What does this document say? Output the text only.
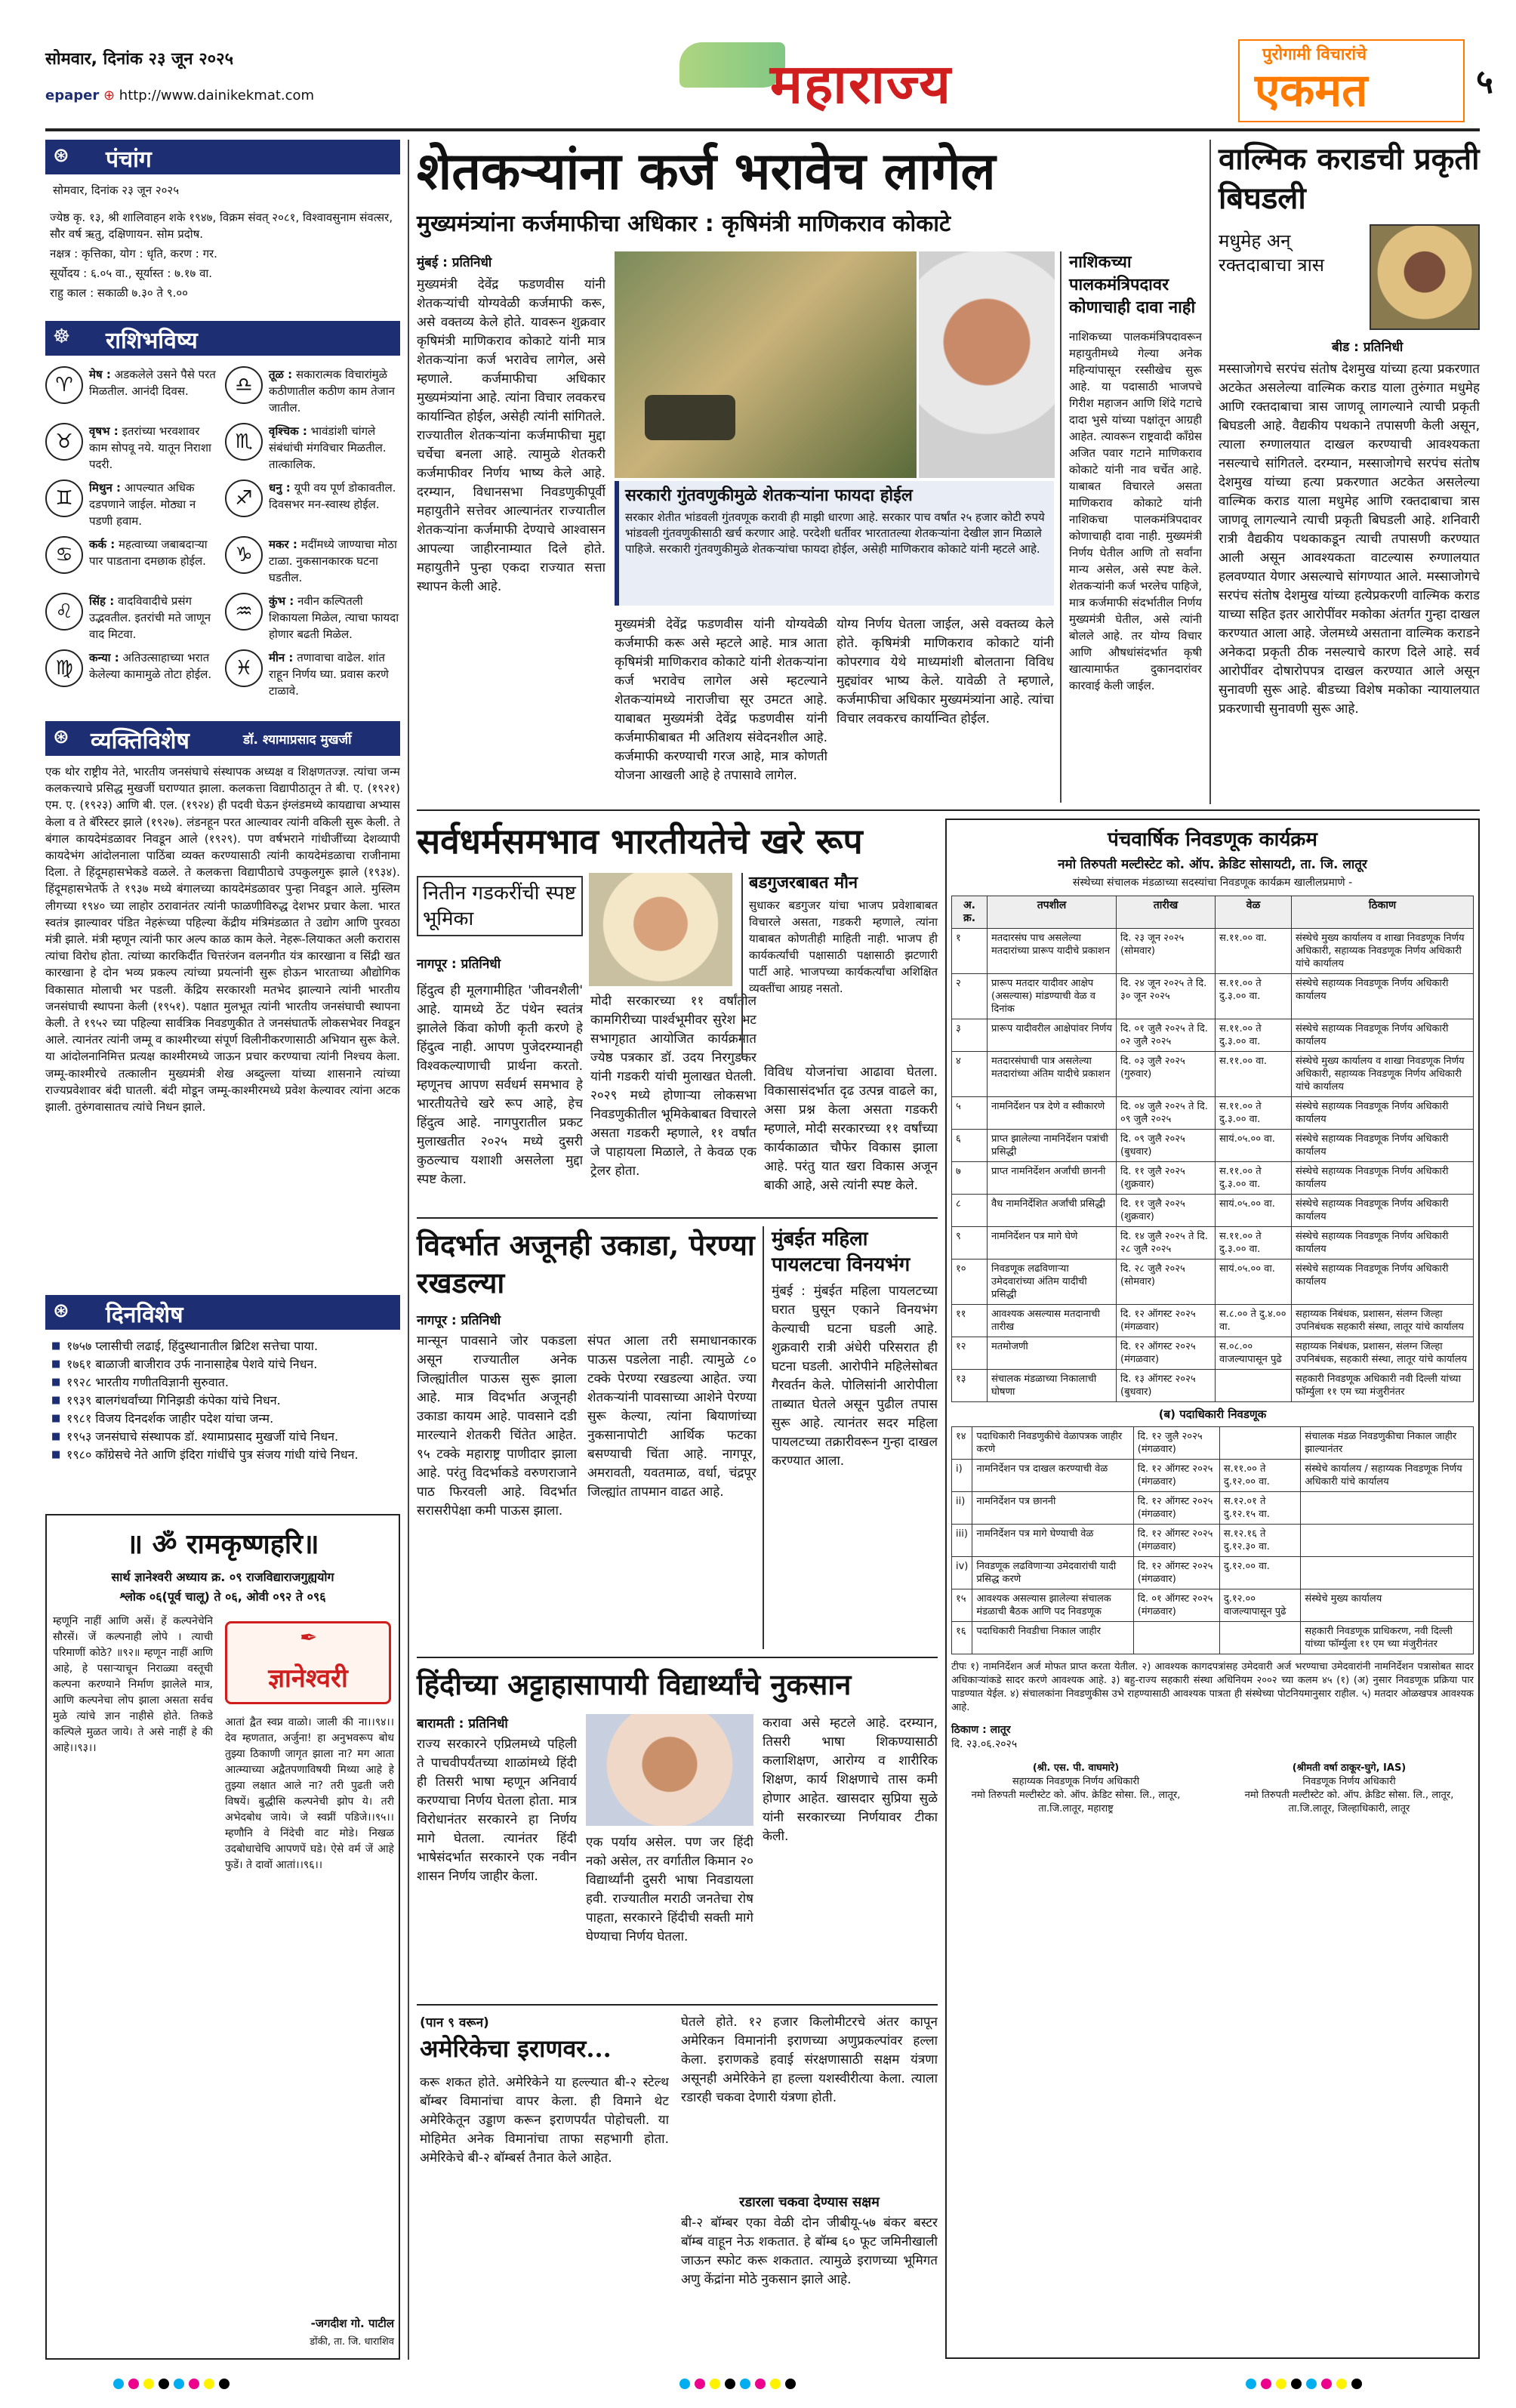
सोमवार, दिनांक २३ जून २०२५
epaper ⊕ http://www.dainikekmat.com	महाराज्य	पुरोगामी विचारांचे
एकमत	५
⊛ पंचांग
सोमवार, दिनांक २३ जून २०२५
ज्येष्ठ कृ. १३, श्री शालिवाहन शके १९४७, विक्रम संवत् २०८१, विश्वावसुनाम संवत्सर, सौर वर्ष ऋतु, दक्षिणायन. सोम प्रदोष.
नक्षत्र : कृत्तिका, योग : धृति, करण : गर.
सूर्योदय : ६.०५ वा., सूर्यास्त : ७.१७ वा.
राहु काल : सकाळी ७.३० ते ९.००
☸ राशिभविष्य
♈	मेष : अडकलेले उसने पैसे परत मिळतील. आनंदी दिवस.
♉	वृषभ : इतरांच्या भरवशावर काम सोपवू नये. यातून निराशा पदरी.
♊	मिथुन : आपल्यात अधिक दडपणाने जाईल. मोठ्या न पडणी हवाम.
♋	कर्क : महत्वाच्या जबाबदाऱ्या पार पाडताना दमछाक होईल.
♌	सिंह : वादविवादीचे प्रसंग उद्भवतील. इतरांची मते जाणून वाद मिटवा.
♍	कन्या : अतिउत्साहाच्या भरात केलेल्या कामामुळे तोटा होईल.
♎	तूळ : सकारात्मक विचारांमुळे कठीणातील कठीण काम तेजान जातील.
♏	वृश्चिक : भावंडांशी चांगले संबंधांची मंगविचार मिळतील. तात्कालिक.
♐	धनु : यूपी वय पूर्ण डोकावतील. दिवसभर मन-स्वास्थ होईल.
♑	मकर : मदींमध्ये जाण्याचा मोठा टाळा. नुकसानकारक घटना घडतील.
♒	कुंभ : नवीन कल्पितली शिकायला मिळेल, त्याचा फायदा होणार बढती मिळेल.
♓	मीन : तणावाचा वाढेल. शांत राहून निर्णय घ्या. प्रवास करणे टाळावे.
⊛ व्यक्तिविशेष	डॉ. श्यामाप्रसाद मुखर्जी
एक थोर राष्ट्रीय नेते, भारतीय जनसंघाचे संस्थापक अध्यक्ष व शिक्षणतज्ज्ञ. त्यांचा जन्म कलकत्त्याचे प्रसिद्ध मुखर्जी घराण्यात झाला. कलकत्ता विद्यापीठातून ते बी. ए. (१९२१) एम. ए. (१९२३) आणि बी. एल. (१९२४) ही पदवी घेऊन इंग्लंडमध्ये कायद्याचा अभ्यास केला व ते बॅरिस्टर झाले (१९२७). लंडनहून परत आल्यावर त्यांनी वकिली सुरू केली. ते बंगाल कायदेमंडळावर निवडून आले (१९२९). पण वर्षभराने गांधीजींच्या देशव्यापी कायदेभंग आंदोलनाला पाठिंबा व्यक्त करण्यासाठी त्यांनी कायदेमंडळाचा राजीनामा दिला. ते हिंदूमहासभेकडे वळले. ते कलकत्ता विद्यापीठाचे उपकुलगुरू झाले (१९३४). हिंदूमहासभेतर्फे ते १९३७ मध्ये बंगालच्या कायदेमंडळावर पुन्हा निवडून आले. मुस्लिम लीगच्या १९४० च्या लाहोर ठरावानंतर त्यांनी फाळणीविरुद्ध देशभर प्रचार केला. भारत स्वतंत्र झाल्यावर पंडित नेहरूंच्या पहिल्या केंद्रीय मंत्रिमंडळात ते उद्योग आणि पुरवठा मंत्री झाले. मंत्री म्हणून त्यांनी फार अल्प काळ काम केले. नेहरू-लियाकत अली करारास त्यांचा विरोध होता. त्यांच्या कारकिर्दीत चित्तरंजन वलनगीत यंत्र कारखाना व सिंद्री खत कारखाना हे दोन भव्य प्रकल्प त्यांच्या प्रयत्नांनी सुरू होऊन भारताच्या औद्योगिक विकासात मोलाची भर पडली. केंद्रिय सरकारशी मतभेद झाल्याने त्यांनी भारतीय जनसंघाची स्थापना केली (१९५१). पक्षात मुलभूत त्यांनी भारतीय जनसंघाची स्थापना केली. ते १९५२ च्या पहिल्या सार्वत्रिक निवडणुकीत ते जनसंघातर्फे लोकसभेवर निवडून आले. त्यानंतर त्यांनी जम्मू व काश्मीरच्या संपूर्ण विलीनीकरणासाठी अभियान सुरू केले. या आंदोलनानिमित्त प्रत्यक्ष काश्मीरमध्ये जाऊन प्रचार करण्याचा त्यांनी निश्चय केला. जम्मू-काश्मीरचे तत्कालीन मुख्यमंत्री शेख अब्दुल्ला यांच्या शासनाने त्यांच्या राज्यप्रवेशावर बंदी घातली. बंदी मोडून जम्मू-काश्मीरमध्ये प्रवेश केल्यावर त्यांना अटक झाली. तुरुंगवासातच त्यांचे निधन झाले.
⊛ दिनविशेष
■ १७५७ प्लासीची लढाई, हिंदुस्थानातील ब्रिटिश सत्तेचा पाया.
■ १७६१ बाळाजी बाजीराव उर्फ नानासाहेब पेशवे यांचे निधन.
■ १९२८ भारतीय गणीतविज्ञानी सुरुवात.
■ १९३९ बालगंधर्वांच्या गिनिझडी कंपेका यांचे निधन.
■ १९८१ विजय दिनदर्शक जाहीर पदेश यांचा जन्म.
■ १९५३ जनसंघाचे संस्थापक डॉ. श्यामाप्रसाद मुखर्जी यांचे निधन.
■ १९८० काँग्रेसचे नेते आणि इंदिरा गांधींचे पुत्र संजय गांधी यांचे निधन.
॥ ॐ रामकृष्णहरि॥
सार्थ ज्ञानेश्वरी अध्याय क्र. ०९ राजविद्याराजगुह्ययोग
श्लोक ०६(पूर्व चालू) ते ०६, ओवी ०९२ ते ०९६
म्हणूनि नाहीं आणि असें। हें कल्पनेचेनि सौरसें। जें कल्पनाही लोपे । त्याची परिमाणीं कोठे? ॥९२॥ म्हणून नाहीं आणि आहे, हे पसाऱ्याचून निराळ्या वस्तूची कल्पना करण्याने निर्माण झालेले मात्र, आणि कल्पनेचा लोप झाला असता सर्वच मुळे त्यांचे ज्ञान नाहीसे होते. तिकडे कल्पिले मुळत जाये। ते असे नाहीं हे की आहे।।९३।।
✒
ज्ञानेश्वरी
आतां द्वैत स्वप्न वाळो। जाली की ना।।९४।। देव म्हणतात, अर्जुना! हा अनुभवरूप बोध तुझ्या ठिकाणी जागृत झाला ना? मग आता आत्म्याच्या अद्वैतपणाविषयी मिथ्या आहे हे तुझ्या लक्षात आले ना? तरी पुढती जरी विषयें। बुद्धीसि कल्पनेची झोप ये। तरी अभेदबोध जाये। जे स्वप्नीं पडिजे।।९५।। म्हणौनि वे निंदेची वाट मोडे। निखळ उदबोधाचेचि आपणपें घडे। ऐसे वर्म जें आहे फुडें। ते दावों आतां।।९६।।
-जगदीश गो. पाटील
डोंकी, ता. जि. धाराशिव
शेतकऱ्यांना कर्ज भरावेच लागेल
मुख्यमंत्र्यांना कर्जमाफीचा अधिकार : कृषिमंत्री माणिकराव कोकाटे
मुंबई : प्रतिनिधी
मुख्यमंत्री देवेंद्र फडणवीस यांनी शेतकऱ्यांची योग्यवेळी कर्जमाफी करू, असे वक्तव्य केले होते. यावरून शुक्रवार कृषिमंत्री माणिकराव कोकाटे यांनी मात्र शेतकऱ्यांना कर्ज भरावेच लागेल, असे म्हणाले. कर्जमाफीचा अधिकार मुख्यमंत्र्यांना आहे. त्यांना विचार लवकरच कार्यान्वित होईल, असेही त्यांनी सांगितले. राज्यातील शेतकऱ्यांना कर्जमाफीचा मुद्दा चर्चेचा बनला आहे. त्यामुळे शेतकरी कर्जमाफीवर निर्णय भाष्य केले आहे. दरम्यान, विधानसभा निवडणुकीपूर्वी महायुतीने सत्तेवर आल्यानंतर राज्यातील शेतकऱ्यांना कर्जमाफी देण्याचे आश्वासन आपल्या जाहीरनाम्यात दिले होते. महायुतीने पुन्हा एकदा राज्यात सत्ता स्थापन केली आहे.
सरकारी गुंतवणुकीमुळे शेतकऱ्यांना फायदा होईल
सरकार शेतीत भांडवली गुंतवणूक करावी ही माझी धारणा आहे. सरकार पाच वर्षांत २५ हजार कोटी रुपये भांडवली गुंतवणुकीसाठी खर्च करणार आहे. परदेशी धर्तीवर भारतातल्या शेतकऱ्यांना देखील ज्ञान मिळाले पाहिजे. सरकारी गुंतवणुकीमुळे शेतकऱ्यांचा फायदा होईल, असेही माणिकराव कोकाटे यांनी म्हटले आहे.
मुख्यमंत्री देवेंद्र फडणवीस यांनी योग्यवेळी कर्जमाफी करू असे म्हटले आहे. मात्र आता कृषिमंत्री माणिकराव कोकाटे यांनी शेतकऱ्यांना कर्ज भरावेच लागेल असे म्हटल्याने शेतकऱ्यांमध्ये नाराजीचा सूर उमटत आहे. याबाबत मुख्यमंत्री देवेंद्र फडणवीस यांनी कर्जमाफीबाबत मी अतिशय संवेदनशील आहे. कर्जमाफी करण्याची गरज आहे, मात्र कोणती योजना आखली आहे हे तपासावे लागेल.
योग्य निर्णय घेतला जाईल, असे वक्तव्य केले होते. कृषिमंत्री माणिकराव कोकाटे यांनी कोपरगाव येथे माध्यमांशी बोलताना विविध मुद्द्यांवर भाष्य केले. यावेळी ते म्हणाले, कर्जमाफीचा अधिकार मुख्यमंत्र्यांना आहे. त्यांचा विचार लवकरच कार्यान्वित होईल.
नाशिकच्या पालकमंत्रिपदावर कोणाचाही दावा नाही
नाशिकच्या पालकमंत्रिपदावरून महायुतीमध्ये गेल्या अनेक महिन्यांपासून रस्सीखेच सुरू आहे. या पदासाठी भाजपचे गिरीश महाजन आणि शिंदे गटाचे दादा भुसे यांच्या पक्षांतून आग्रही आहेत. त्यावरून राष्ट्रवादी काँग्रेस अजित पवार गटाने माणिकराव कोकाटे यांनी नाव चर्चेत आहे. याबाबत विचारले असता माणिकराव कोकाटे यांनी नाशिकचा पालकमंत्रिपदावर कोणाचाही दावा नाही. मुख्यमंत्री निर्णय घेतील आणि तो सर्वांना मान्य असेल, असे स्पष्ट केले. शेतकऱ्यांनी कर्ज भरलेच पाहिजे, मात्र कर्जमाफी संदर्भातील निर्णय मुख्यमंत्री घेतील, असे त्यांनी बोलले आहे. तर योग्य विचार आणि औषधांसंदर्भात कृषी खात्यामार्फत दुकानदारांवर कारवाई केली जाईल.
वाल्मिक कराडची प्रकृती बिघडली
मधुमेह अन् रक्तदाबाचा त्रास
बीड : प्रतिनिधी
मस्साजोगचे सरपंच संतोष देशमुख यांच्या हत्या प्रकरणात अटकेत असलेल्या वाल्मिक कराड याला तुरुंगात मधुमेह आणि रक्तदाबाचा त्रास जाणवू लागल्याने त्याची प्रकृती बिघडली आहे. वैद्यकीय पथकाने तपासणी केली असून, त्याला रुग्णालयात दाखल करण्याची आवश्यकता नसल्याचे सांगितले. दरम्यान, मस्साजोगचे सरपंच संतोष देशमुख यांच्या हत्या प्रकरणात अटकेत असलेल्या वाल्मिक कराड याला मधुमेह आणि रक्तदाबाचा त्रास जाणवू लागल्याने त्याची प्रकृती बिघडली आहे. शनिवारी रात्री वैद्यकीय पथकाकडून त्याची तपासणी करण्यात आली असून आवश्यकता वाटल्यास रुग्णालयात हलवण्यात येणार असल्याचे सांगण्यात आले. मस्साजोगचे सरपंच संतोष देशमुख यांच्या हत्येप्रकरणी वाल्मिक कराड याच्या सहित इतर आरोपींवर मकोका अंतर्गत गुन्हा दाखल करण्यात आला आहे. जेलमध्ये असताना वाल्मिक कराडने अनेकदा प्रकृती ठीक नसल्याचे कारण दिले आहे. सर्व आरोपींवर दोषारोपपत्र दाखल करण्यात आले असून सुनावणी सुरू आहे. बीडच्या विशेष मकोका न्यायालयात प्रकरणाची सुनावणी सुरू आहे.
सर्वधर्मसमभाव भारतीयतेचे खरे रूप
नितीन गडकरींची स्पष्ट भूमिका
नागपूर : प्रतिनिधी
हिंदुत्व ही मूलगामीहित 'जीवनशैली' आहे. यामध्ये ठेंट पंथेन स्वतंत्र झालेले किंवा कोणी कृती करणे हे हिंदुत्व नाही. आपण पुजेदरम्यानही विश्वकल्याणाची प्रार्थना करतो. म्हणूनच आपण सर्वधर्म समभाव हे भारतीयतेचे खरे रूप आहे, हेच हिंदुत्व आहे. नागपुरातील प्रकट मुलाखतीत २०२५ मध्ये दुसरी कुठल्याच यशाशी असलेला मुद्दा स्पष्ट केला.
मोदी सरकारच्या ११ वर्षांतील कामगिरीच्या पार्श्वभूमीवर सुरेश भट सभागृहात आयोजित कार्यक्रमात ज्येष्ठ पत्रकार डॉ. उदय निरगुडकर यांनी गडकरी यांची मुलाखत घेतली. २०२९ मध्ये होणाऱ्या लोकसभा निवडणुकीतील भूमिकेबाबत विचारले असता गडकरी म्हणाले, ११ वर्षांत जे पाहायला मिळाले, ते केवळ एक ट्रेलर होता.
विविध योजनांचा आढावा घेतला. विकासासंदर्भात दृढ उत्पन्न वाढले का, असा प्रश्न केला असता गडकरी म्हणाले, मोदी सरकारच्या ११ वर्षांच्या कार्यकाळात चौफेर विकास झाला आहे. परंतु यात खरा विकास अजून बाकी आहे, असे त्यांनी स्पष्ट केले.
बडगुजरबाबत मौन
सुधाकर बडगुजर यांचा भाजप प्रवेशाबाबत विचारले असता, गडकरी म्हणाले, त्यांना याबाबत कोणतीही माहिती नाही. भाजप ही कार्यकर्त्यांची पक्षासाठी पक्षासाठी झटणारी पार्टी आहे. भाजपच्या कार्यकर्त्यांचा अशिक्षित व्यक्तींचा आग्रह नसतो.
पंचवार्षिक निवडणूक कार्यक्रम
नमो तिरुपती मल्टीस्टेट को. ऑप. क्रेडिट सोसायटी, ता. जि. लातूर
संस्थेच्या संचालक मंडळाच्या सदस्यांचा निवडणूक कार्यक्रम खालीलप्रमाणे -
अ. क्र.	तपशील	तारीख	वेळ	ठिकाण
१	मतदारसंघ पाच असलेल्या मतदारांच्या प्रारूप यादीचे प्रकाशन	दि. २३ जून २०२५ (सोमवार)	स.११.०० वा.	संस्थेचे मुख्य कार्यालय व शाखा निवडणूक निर्णय अधिकारी, सहाय्यक निवडणूक निर्णय अधिकारी यांचे कार्यालय
२	प्रारूप मतदार यादीवर आक्षेप (असल्यास) मांडण्याची वेळ व दिनांक	दि. २४ जून २०२५ ते दि. ३० जून २०२५	स.११.०० ते दु.३.०० वा.	संस्थेचे सहाय्यक निवडणूक निर्णय अधिकारी कार्यालय
३	प्रारूप यादीवरील आक्षेपांवर निर्णय	दि. ०१ जुलै २०२५ ते दि. ०२ जुलै २०२५	स.११.०० ते दु.३.०० वा.	संस्थेचे सहाय्यक निवडणूक निर्णय अधिकारी कार्यालय
४	मतदारसंघाची पात्र असलेल्या मतदारांच्या अंतिम यादीचे प्रकाशन	दि. ०३ जुलै २०२५ (गुरुवार)	स.११.०० वा.	संस्थेचे मुख्य कार्यालय व शाखा निवडणूक निर्णय अधिकारी, सहाय्यक निवडणूक निर्णय अधिकारी यांचे कार्यालय
५	नामनिर्देशन पत्र देणे व स्वीकारणे	दि. ०४ जुलै २०२५ ते दि. ०९ जुलै २०२५	स.११.०० ते दु.३.०० वा.	संस्थेचे सहाय्यक निवडणूक निर्णय अधिकारी कार्यालय
६	प्राप्त झालेल्या नामनिर्देशन पत्रांची प्रसिद्धी	दि. ०९ जुलै २०२५ (बुधवार)	सायं.०५.०० वा.	संस्थेचे सहाय्यक निवडणूक निर्णय अधिकारी कार्यालय
७	प्राप्त नामनिर्देशन अर्जांची छाननी	दि. ११ जुलै २०२५ (शुक्रवार)	स.११.०० ते दु.३.०० वा.	संस्थेचे सहाय्यक निवडणूक निर्णय अधिकारी कार्यालय
८	वैध नामनिर्देशित अर्जांची प्रसिद्धी	दि. ११ जुलै २०२५ (शुक्रवार)	सायं.०५.०० वा.	संस्थेचे सहाय्यक निवडणूक निर्णय अधिकारी कार्यालय
९	नामनिर्देशन पत्र मागे घेणे	दि. १४ जुलै २०२५ ते दि. २८ जुलै २०२५	स.११.०० ते दु.३.०० वा.	संस्थेचे सहाय्यक निवडणूक निर्णय अधिकारी कार्यालय
१०	निवडणूक लढविणाऱ्या उमेदवारांच्या अंतिम यादीची प्रसिद्धी	दि. २८ जुलै २०२५ (सोमवार)	सायं.०५.०० वा.	संस्थेचे सहाय्यक निवडणूक निर्णय अधिकारी कार्यालय
११	आवश्यक असल्यास मतदानाची तारीख	दि. १२ ऑगस्ट २०२५ (मंगळवार)	स.८.०० ते दु.४.०० वा.	सहाय्यक निबंधक, प्रशासन, संलग्न जिल्हा उपनिबंधक सहकारी संस्था, लातूर यांचे कार्यालय
१२	मतमोजणी	दि. १२ ऑगस्ट २०२५ (मंगळवार)	स.०८.०० वाजल्यापासून पुढे	सहाय्यक निबंधक, प्रशासन, संलग्न जिल्हा उपनिबंधक, सहकारी संस्था, लातूर यांचे कार्यालय
१३	संचालक मंडळाच्या निकालाची घोषणा	दि. १३ ऑगस्ट २०२५ (बुधवार)		सहकारी निवडणूक अधिकारी नवी दिल्ली यांच्या फॉर्म्युला ११ एम च्या मंजुरीनंतर
(ब) पदाधिकारी निवडणूक
१४	पदाधिकारी निवडणुकीचे वेळापत्रक जाहीर करणे	दि. १२ जुलै २०२५ (मंगळवार)		संचालक मंडळ निवडणुकीचा निकाल जाहीर झाल्यानंतर
i)	नामनिर्देशन पत्र दाखल करण्याची वेळ	दि. १२ ऑगस्ट २०२५ (मंगळवार)	स.११.०० ते दु.१२.०० वा.	संस्थेचे कार्यालय / सहाय्यक निवडणूक निर्णय अधिकारी यांचे कार्यालय
ii)	नामनिर्देशन पत्र छाननी	दि. १२ ऑगस्ट २०२५ (मंगळवार)	स.१२.०१ ते दु.१२.१५ वा.	
iii)	नामनिर्देशन पत्र मागे घेण्याची वेळ	दि. १२ ऑगस्ट २०२५ (मंगळवार)	स.१२.१६ ते दु.१२.३० वा.	
iv)	निवडणूक लढविणाऱ्या उमेदवारांची यादी प्रसिद्ध करणे	दि. १२ ऑगस्ट २०२५ (मंगळवार)	दु.१२.०० वा.	
१५	आवश्यक असल्यास झालेल्या संचालक मंडळाची बैठक आणि पद निवडणूक	दि. ०१ ऑगस्ट २०२५ (मंगळवार)	दु.१२.०० वाजल्यापासून पुढे	संस्थेचे मुख्य कार्यालय
१६	पदाधिकारी निवडीचा निकाल जाहीर			सहकारी निवडणूक प्राधिकरण, नवी दिल्ली यांच्या फॉर्म्युला ११ एम च्या मंजुरीनंतर
टीपः १) नामनिर्देशन अर्ज मोफत प्राप्त करता येतील. २) आवश्यक कागदपत्रांसह उमेदवारी अर्ज भरण्याचा उमेदवारांनी नामनिर्देशन पत्रासोबत सादर अधिकाऱ्यांकडे सादर करणे आवश्यक आहे. ३) बहु-राज्य सहकारी संस्था अधिनियम २००२ च्या कलम ४५ (१) (अ) नुसार निवडणूक प्रक्रिया पार पाडण्यात येईल. ४) संचालकांना निवडणुकीस उभे राहण्यासाठी आवश्यक पात्रता ही संस्थेच्या पोटनियमानुसार राहील. ५) मतदार ओळखपत्र आवश्यक आहे.
ठिकाण : लातूर
दि. २३.०६.२०२५
(श्री. एस. पी. वाघमारे)
सहाय्यक निवडणूक निर्णय अधिकारी
नमो तिरुपती मल्टीस्टेट को. ऑप. क्रेडिट सोसा. लि., लातूर, ता.जि.लातूर, महाराष्ट्र
(श्रीमती वर्षा ठाकूर-घुगे, IAS)
निवडणूक निर्णय अधिकारी
नमो तिरुपती मल्टीस्टेट को. ऑप. क्रेडिट सोसा. लि., लातूर, ता.जि.लातूर, जिल्हाधिकारी, लातूर
विदर्भात अजूनही उकाडा, पेरण्या रखडल्या
नागपूर : प्रतिनिधी
मान्सून पावसाने जोर पकडला असून राज्यातील अनेक जिल्ह्यांतील पाऊस सुरू झाला आहे. मात्र विदर्भात अजूनही उकाडा कायम आहे. पावसाने दडी मारल्याने शेतकरी चिंतेत आहेत. ९५ टक्के महाराष्ट्र पाणीदार झाला आहे. परंतु विदर्भाकडे वरुणराजाने पाठ फिरवली आहे. विदर्भात सरासरीपेक्षा कमी पाऊस झाला.
संपत आला तरी समाधानकारक पाऊस पडलेला नाही. त्यामुळे ८० टक्के पेरण्या रखडल्या आहेत. ज्या शेतकऱ्यांनी पावसाच्या आशेने पेरण्या सुरू केल्या, त्यांना बियाणांच्या नुकसानापोटी आर्थिक फटका बसण्याची चिंता आहे. नागपूर, अमरावती, यवतमाळ, वर्धा, चंद्रपूर जिल्ह्यांत तापमान वाढत आहे.
मुंबईत महिला पायलटचा विनयभंग
मुंबई : मुंबईत महिला पायलटच्या घरात घुसून एकाने विनयभंग केल्याची घटना घडली आहे. शुक्रवारी रात्री अंधेरी परिसरात ही घटना घडली. आरोपीने महिलेसोबत गैरवर्तन केले. पोलिसांनी आरोपीला ताब्यात घेतले असून पुढील तपास सुरू आहे. त्यानंतर सदर महिला पायलटच्या तक्रारीवरून गुन्हा दाखल करण्यात आला.
हिंदीच्या अट्टाहासापायी विद्यार्थ्यांचे नुकसान
बारामती : प्रतिनिधी
राज्य सरकारने एप्रिलमध्ये पहिली ते पाचवीपर्यंतच्या शाळांमध्ये हिंदी ही तिसरी भाषा म्हणून अनिवार्य करण्याचा निर्णय घेतला होता. मात्र विरोधानंतर सरकारने हा निर्णय मागे घेतला. त्यानंतर हिंदी भाषेसंदर्भात सरकारने एक नवीन शासन निर्णय जाहीर केला.
एक पर्याय असेल. पण जर हिंदी नको असेल, तर वर्गातील किमान २० विद्यार्थ्यांनी दुसरी भाषा निवडायला हवी. राज्यातील मराठी जनतेचा रोष पाहता, सरकारने हिंदीची सक्ती मागे घेण्याचा निर्णय घेतला.
करावा असे म्हटले आहे. दरम्यान, तिसरी भाषा शिकण्यासाठी कलाशिक्षण, आरोग्य व शारीरिक शिक्षण, कार्य शिक्षणाचे तास कमी होणार आहेत. खासदार सुप्रिया सुळे यांनी सरकारच्या निर्णयावर टीका केली.
(पान ९ वरून)
अमेरिकेचा इराणवर...
करू शकत होते. अमेरिकेने या हल्ल्यात बी-२ स्टेल्थ बॉम्बर विमानांचा वापर केला. ही विमाने थेट अमेरिकेतून उड्डाण करून इराणपर्यंत पोहोचली. या मोहिमेत अनेक विमानांचा ताफा सहभागी होता. अमेरिकेचे बी-२ बॉम्बर्स तैनात केले आहेत.
घेतले होते. १२ हजार किलोमीटरचे अंतर कापून अमेरिकन विमानांनी इराणच्या अणुप्रकल्पांवर हल्ला केला. इराणकडे हवाई संरक्षणासाठी सक्षम यंत्रणा असूनही अमेरिकेने हा हल्ला यशस्वीरीत्या केला. त्याला रडारही चकवा देणारी यंत्रणा होती.
रडारला चकवा देण्यास सक्षम
बी-२ बॉम्बर एका वेळी दोन जीबीयू-५७ बंकर बस्टर बॉम्ब वाहून नेऊ शकतात. हे बॉम्ब ६० फूट जमिनीखाली जाऊन स्फोट करू शकतात. त्यामुळे इराणच्या भूमिगत अणु केंद्रांना मोठे नुकसान झाले आहे.
